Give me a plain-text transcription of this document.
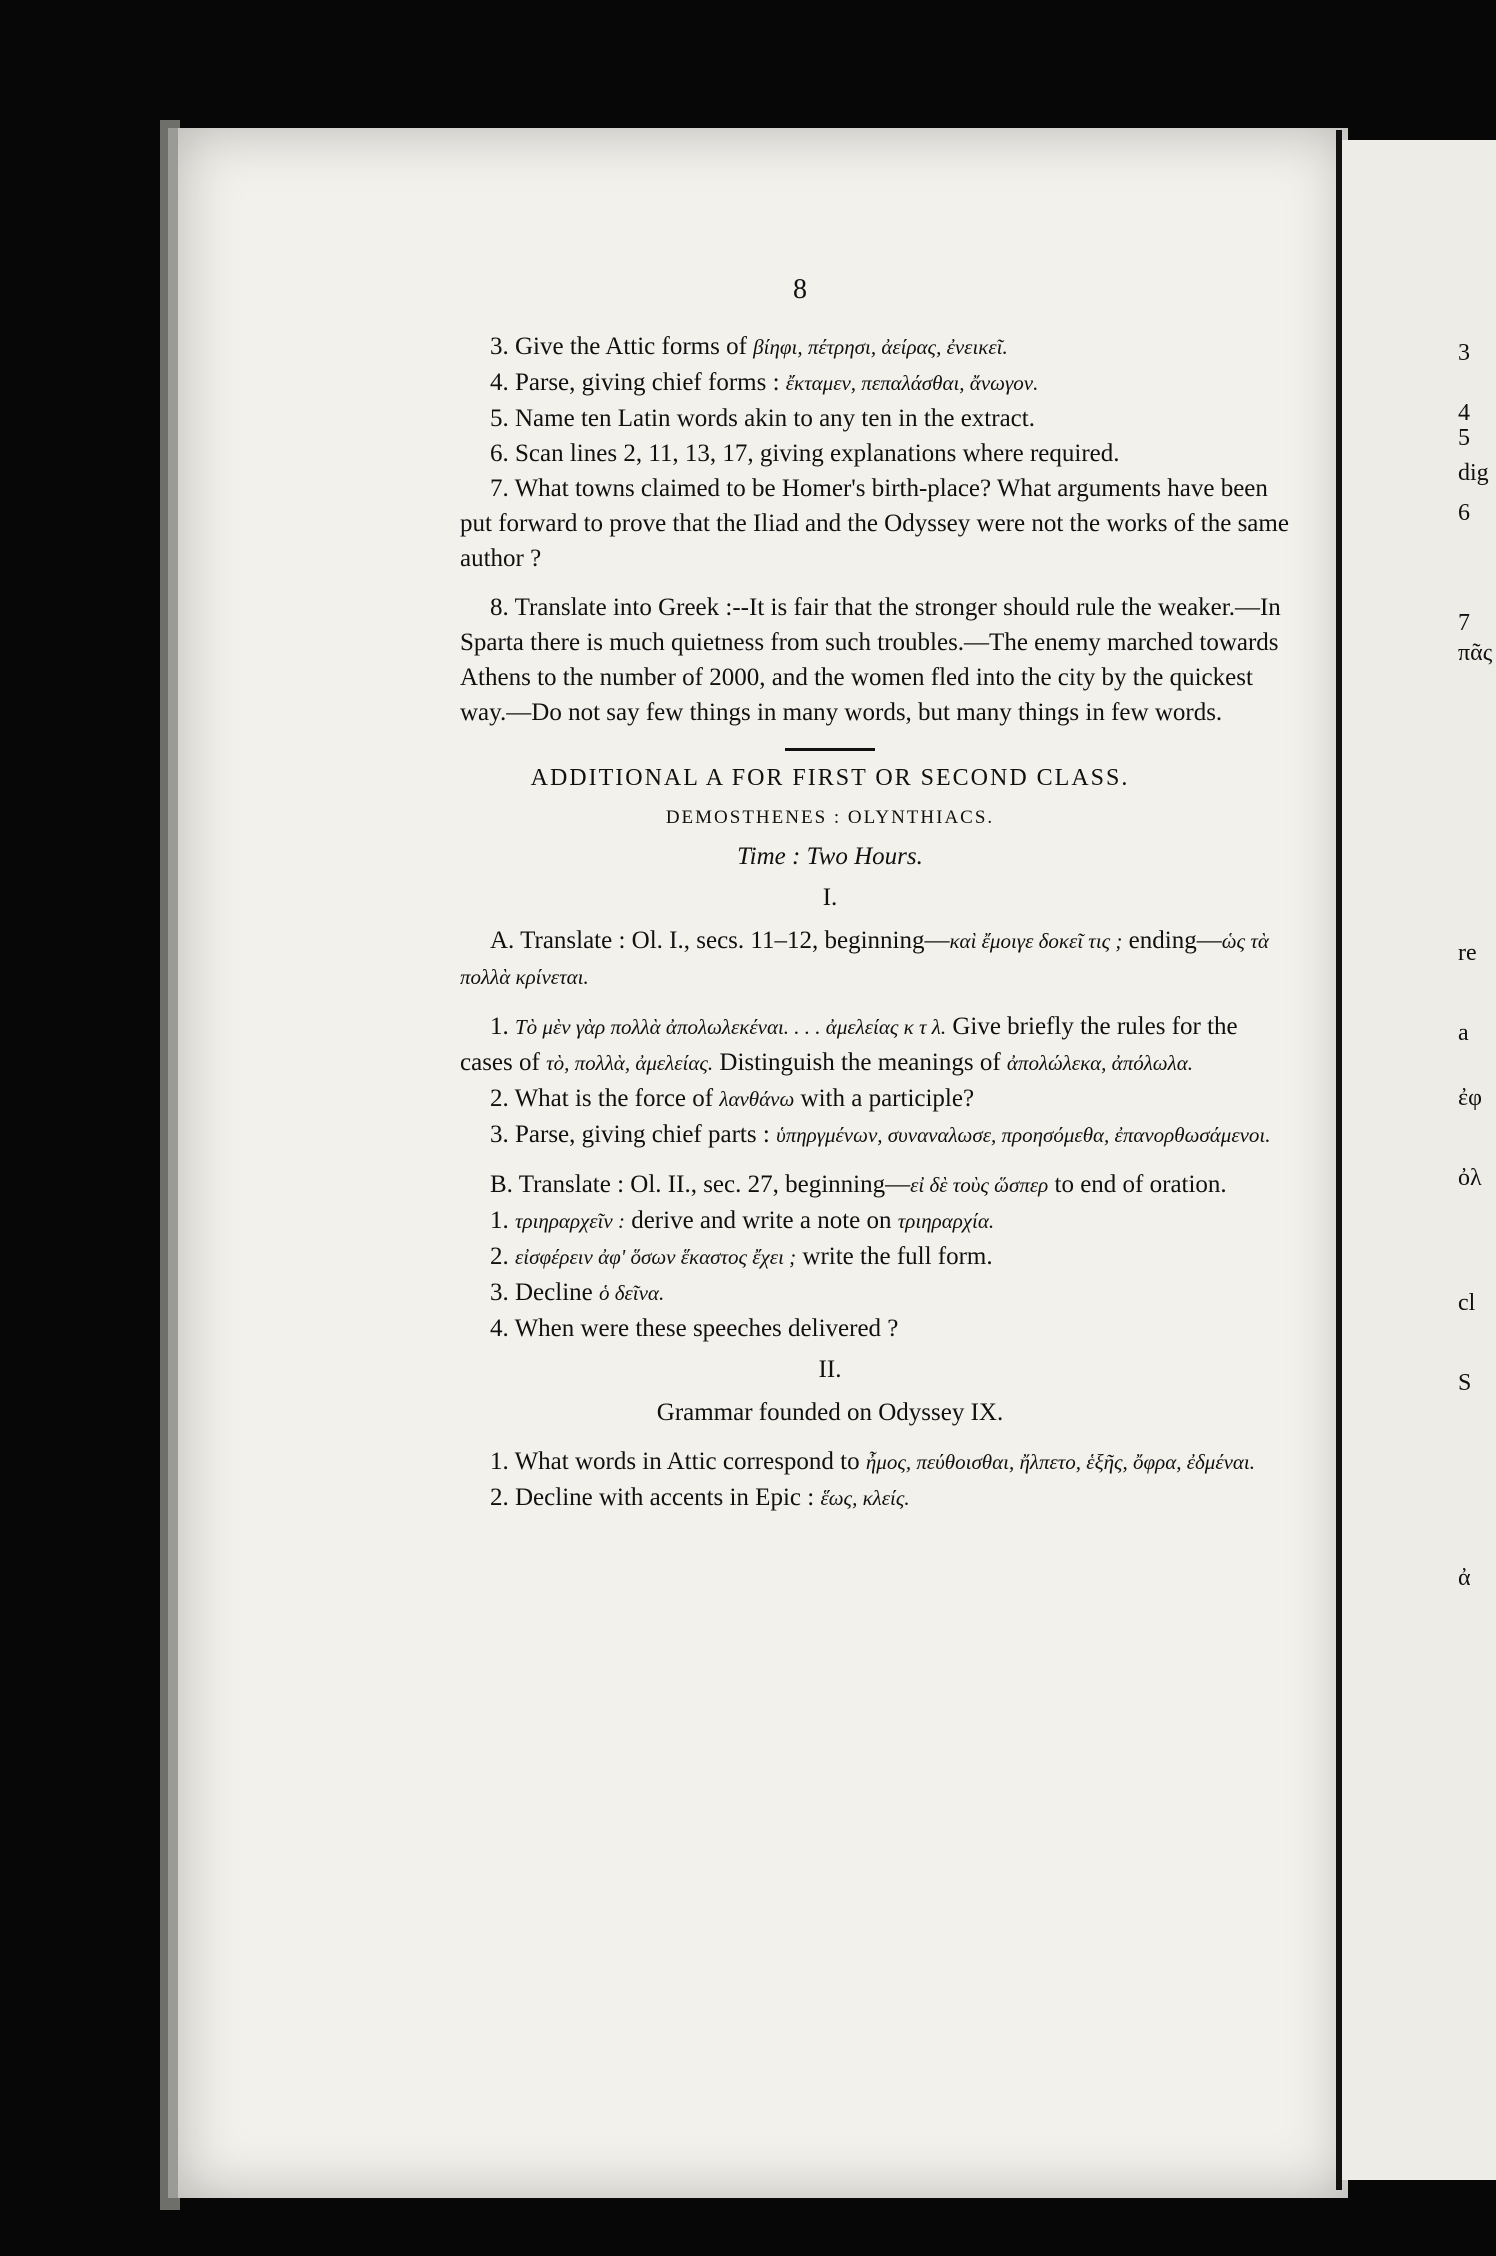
3
4
5
dig
6
7
πᾶς
re
a
ἐφ
ὀλ
cl
S
ἀ
8
3. Give the Attic forms of βίηφι, πέτρησι, ἀείρας, ἐνεικεῖ.
4. Parse, giving chief forms : ἔκταμεν, πεπαλάσθαι, ἄνωγον.
5. Name ten Latin words akin to any ten in the extract.
6. Scan lines 2, 11, 13, 17, giving explanations where required.
7. What towns claimed to be Homer's birth-place? What arguments have been put forward to prove that the Iliad and the Odyssey were not the works of the same author ?
8. Translate into Greek :--It is fair that the stronger should rule the weaker.—In Sparta there is much quietness from such troubles.—The enemy marched towards Athens to the number of 2000, and the women fled into the city by the quickest way.—Do not say few things in many words, but many things in few words.
ADDITIONAL A FOR FIRST OR SECOND CLASS.
DEMOSTHENES : OLYNTHIACS.
Time : Two Hours.
I.
A. Translate : Ol. I., secs. 11–12, beginning—καὶ ἔμοιγε δοκεῖ τις ; ending—ὡς τὰ πολλὰ κρίνεται.
1. Τὸ μὲν γὰρ πολλὰ ἀπολωλεκέναι. . . . ἀμελείας κ τ λ. Give briefly the rules for the cases of τὸ, πολλὰ, ἀμελείας. Distinguish the meanings of ἀπολώλεκα, ἀπόλωλα.
2. What is the force of λανθάνω with a participle?
3. Parse, giving chief parts : ὑπηργμένων, συναναλωσε, προησόμεθα, ἐπανορθωσάμενοι.
B. Translate : Ol. II., sec. 27, beginning—εἰ δὲ τοὺς ὥσπερ to end of oration.
1. τριηραρχεῖν : derive and write a note on τριηραρχία.
2. εἰσφέρειν ἀφ' ὅσων ἕκαστος ἔχει ; write the full form.
3. Decline ὁ δεῖνα.
4. When were these speeches delivered ?
II.
Grammar founded on Odyssey IX.
1. What words in Attic correspond to ἦμος, πεύθοισθαι, ἤλπετο, ἑξῆς, ὄφρα, ἐδμέναι.
2. Decline with accents in Epic : ἕως, κλείς.
